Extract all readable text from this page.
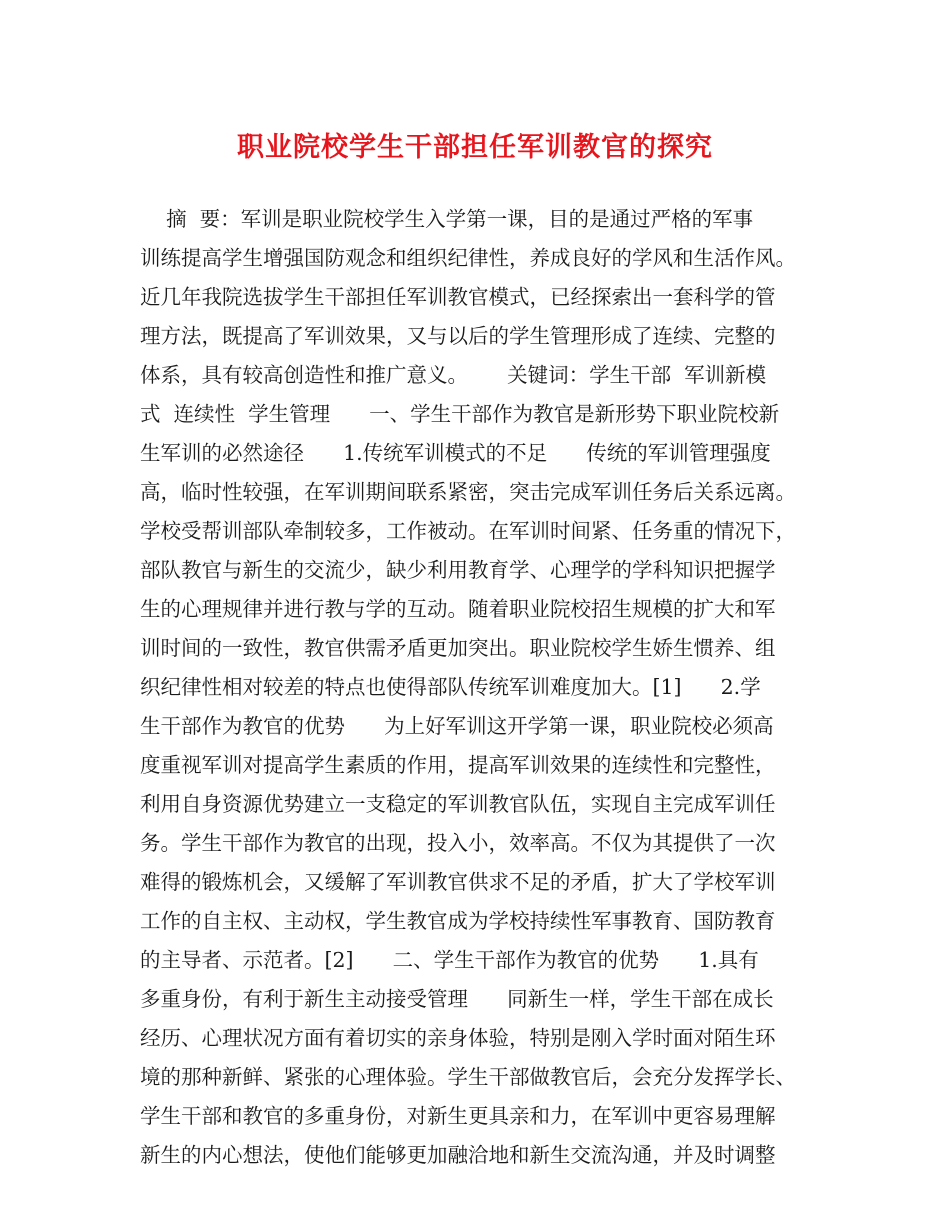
职业院校学生干部担任军训教官的探究
摘  要：军训是职业院校学生入学第一课，目的是通过严格的军事
训练提高学生增强国防观念和组织纪律性，养成良好的学风和生活作风。
近几年我院选拔学生干部担任军训教官模式，已经探索出一套科学的管
理方法，既提高了军训效果，又与以后的学生管理形成了连续、完整的
体系，具有较高创造性和推广意义。      关键词：学生干部  军训新模
式  连续性  学生管理      一、学生干部作为教官是新形势下职业院校新
生军训的必然途径      1.传统军训模式的不足      传统的军训管理强度
高，临时性较强，在军训期间联系紧密，突击完成军训任务后关系远离。
学校受帮训部队牵制较多，工作被动。在军训时间紧、任务重的情况下，
部队教官与新生的交流少，缺少利用教育学、心理学的学科知识把握学
生的心理规律并进行教与学的互动。随着职业院校招生规模的扩大和军
训时间的一致性，教官供需矛盾更加突出。职业院校学生娇生惯养、组
织纪律性相对较差的特点也使得部队传统军训难度加大。[1]      2.学
生干部作为教官的优势      为上好军训这开学第一课，职业院校必须高
度重视军训对提高学生素质的作用，提高军训效果的连续性和完整性，
利用自身资源优势建立一支稳定的军训教官队伍，实现自主完成军训任
务。学生干部作为教官的出现，投入小，效率高。不仅为其提供了一次
难得的锻炼机会，又缓解了军训教官供求不足的矛盾，扩大了学校军训
工作的自主权、主动权，学生教官成为学校持续性军事教育、国防教育
的主导者、示范者。[2]      二、学生干部作为教官的优势      1.具有
多重身份，有利于新生主动接受管理      同新生一样，学生干部在成长
经历、心理状况方面有着切实的亲身体验，特别是刚入学时面对陌生环
境的那种新鲜、紧张的心理体验。学生干部做教官后，会充分发挥学长、
学生干部和教官的多重身份，对新生更具亲和力，在军训中更容易理解
新生的内心想法，使他们能够更加融洽地和新生交流沟通，并及时调整
